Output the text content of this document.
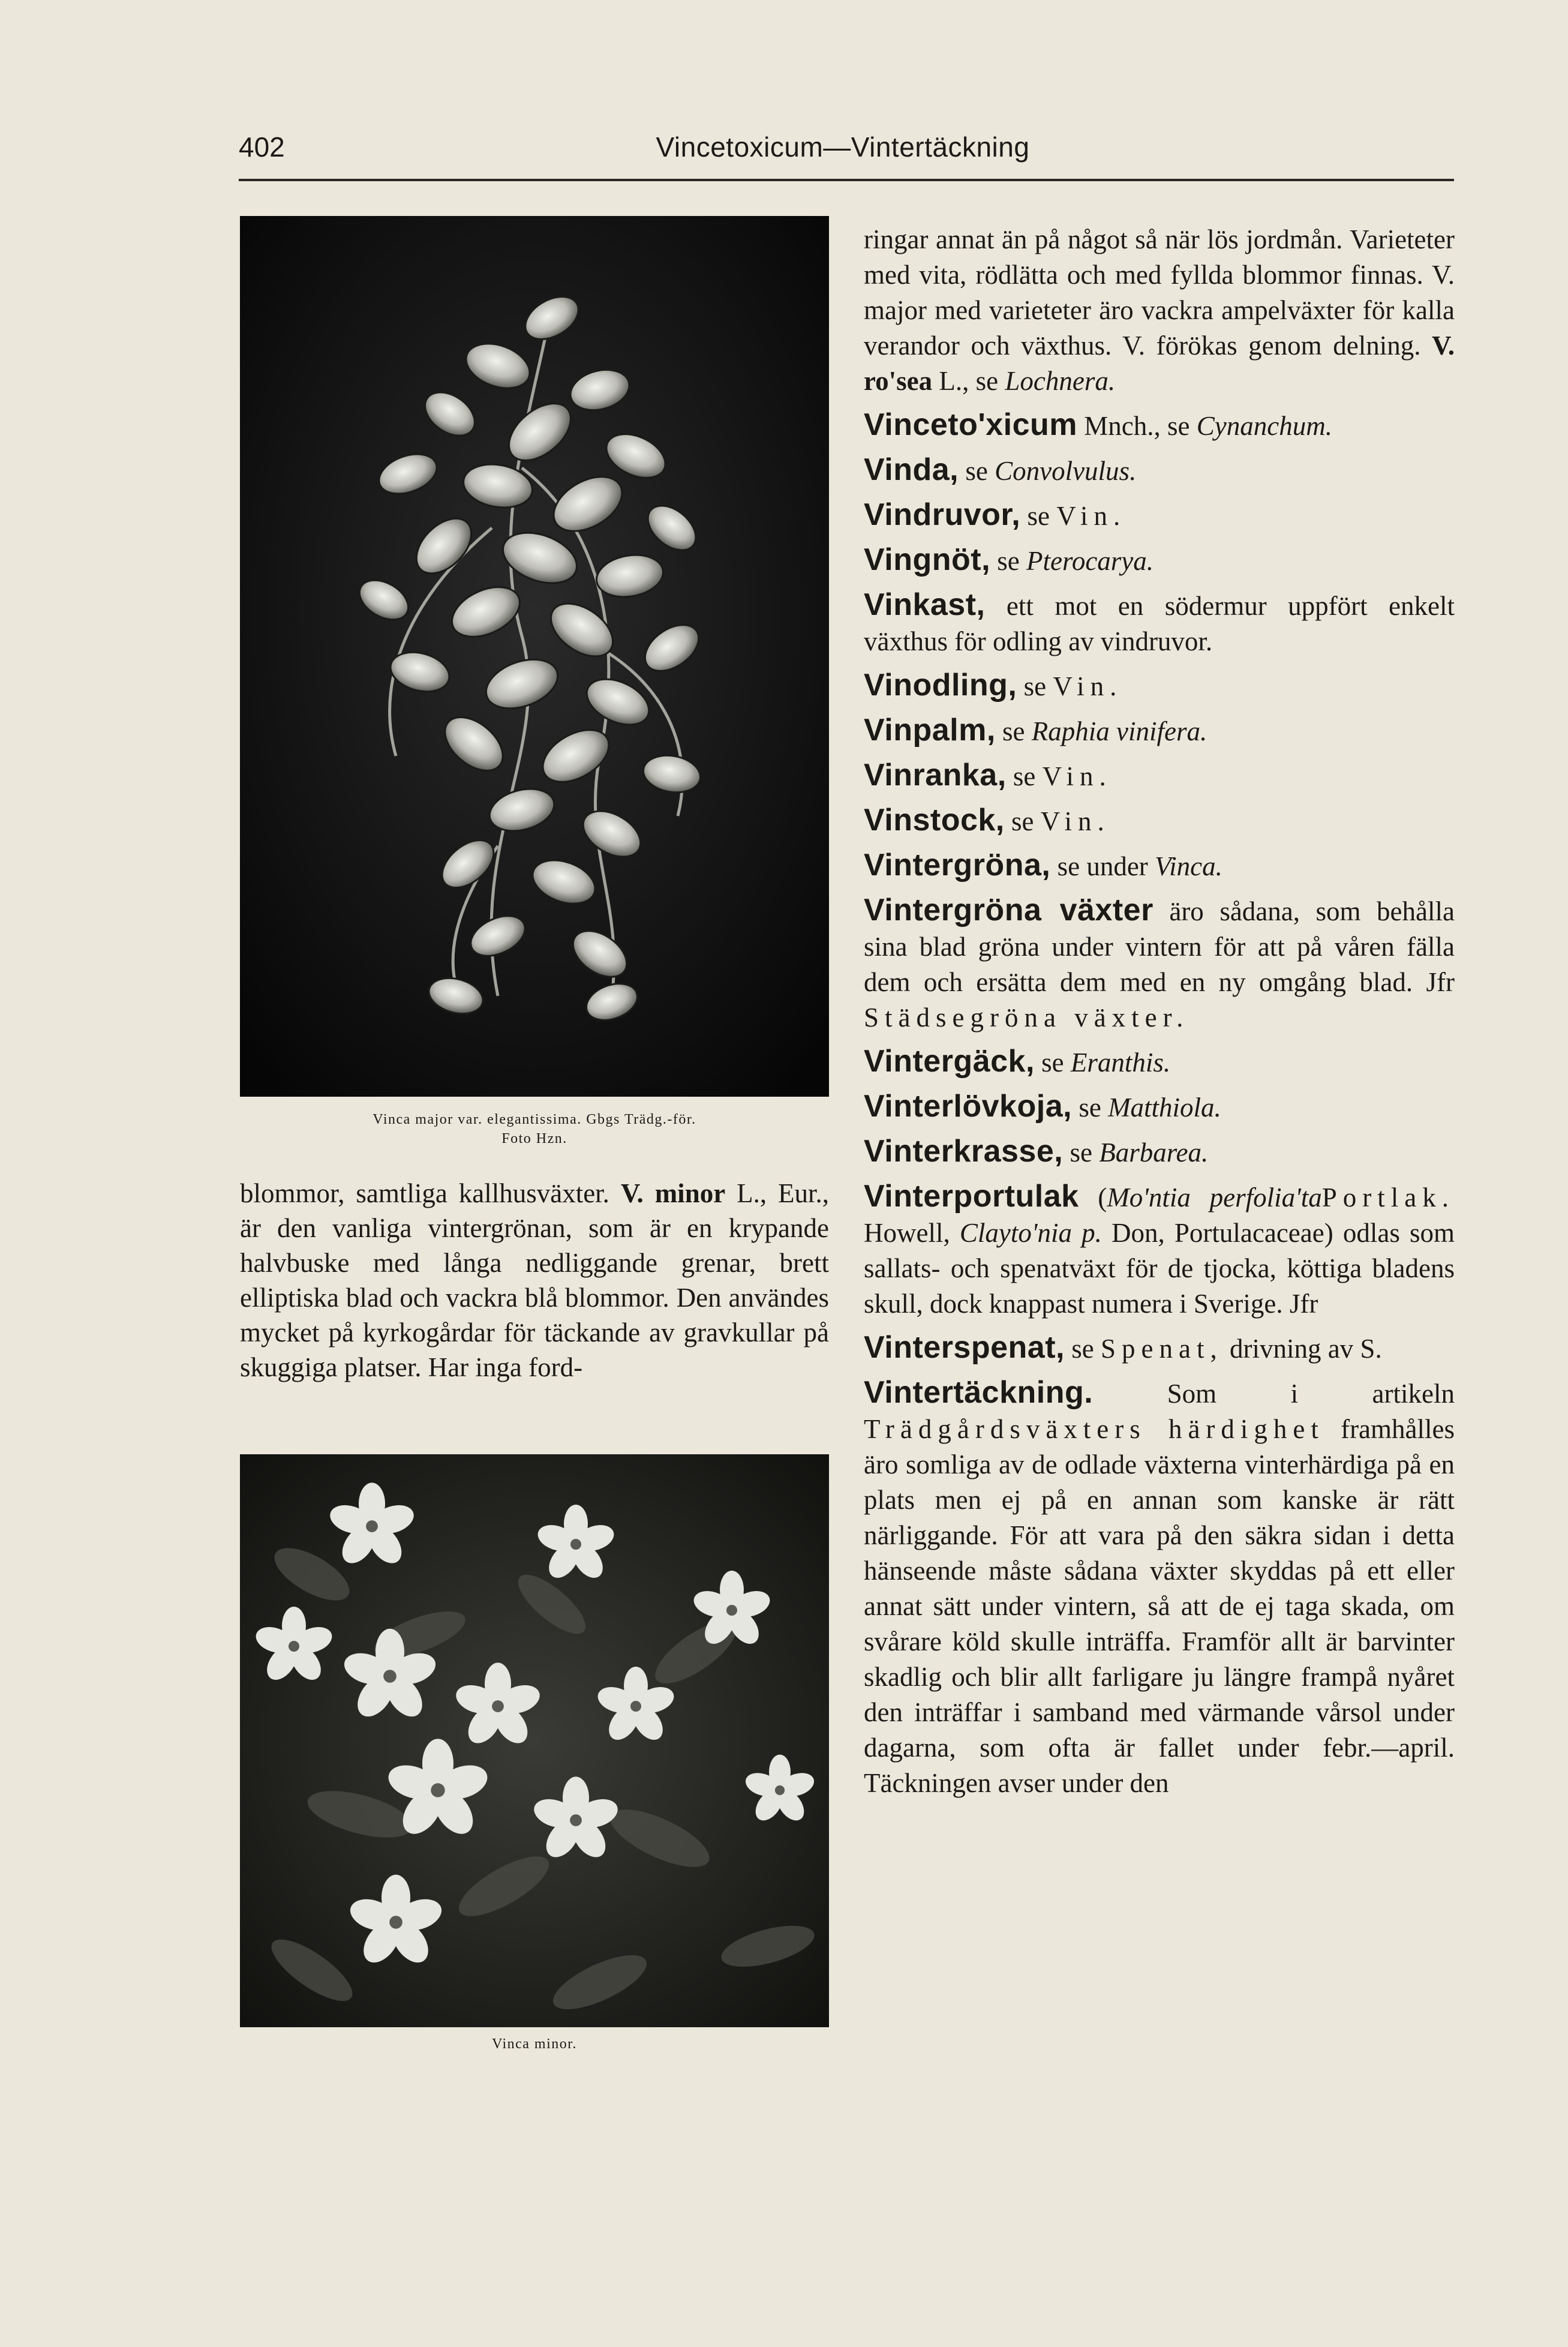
402	Vincetoxicum—Vintertäckning
Vinca major var. elegantissima. Gbgs Trädg.-för.
Foto Hzn.
blommor, samtliga kallhusväxter. V. minor L., Eur., är den vanliga vintergrönan, som är en krypande halvbuske med långa nedliggande grenar, brett elliptiska blad och vackra blå blommor. Den användes mycket på kyrkogårdar för täckande av gravkullar på skuggiga platser. Har inga ford-
Vinca minor.

ringar annat än på något så när lös jordmån. Varieteter med vita, rödlätta och med fyllda blommor finnas. V. major med varieteter äro vackra ampelväxter för kalla verandor och växthus. V. förökas genom delning. V. ro'sea L., se Lochnera.

Vinceto'xicum Mnch., se Cynanchum.

Vinda, se Convolvulus.

Vindruvor, se Vin.

Vingnöt, se Pterocarya.

Vinkast, ett mot en södermur uppfört enkelt växthus för odling av vindruvor.

Vinodling, se Vin.

Vinpalm, se Raphia vinifera.

Vinranka, se Vin.

Vinstock, se Vin.

Vintergröna, se under Vinca.

Vintergröna växter äro sådana, som behålla sina blad gröna under vintern för att på våren fälla dem och ersätta dem med en ny omgång blad. Jfr Städsegröna växter.

Vintergäck, se Eranthis.

Vinterlövkoja, se Matthiola.

Vinterkrasse, se Barbarea.

Vinterportulak (Mo'ntia perfolia'taPortlak. Howell, Clayto'nia p. Don, Portulacaceae) odlas som sallats- och spenatväxt för de tjocka, köttiga bladens skull, dock knappast numera i Sverige. Jfr

Vinterspenat, se Spenat, drivning av S.

Vintertäckning. Som i artikeln Trädgårdsväxters härdighet framhålles äro somliga av de odlade växterna vinterhärdiga på en plats men ej på en annan som kanske är rätt närliggande. För att vara på den säkra sidan i detta hänseende måste sådana växter skyddas på ett eller annat sätt under vintern, så att de ej taga skada, om svårare köld skulle inträffa. Framför allt är barvinter skadlig och blir allt farligare ju längre frampå nyåret den inträffar i samband med värmande vårsol under dagarna, som ofta är fallet under febr.—april. Täckningen avser under den
